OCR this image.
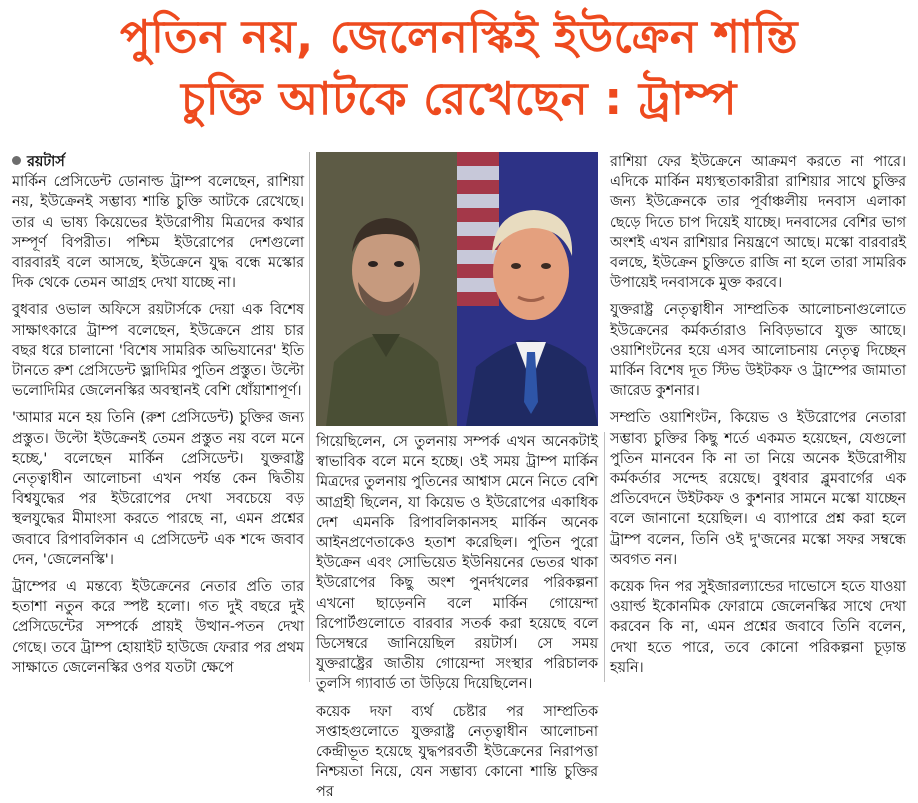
পুতিন নয়, জেলেনস্কিই ইউক্রেন শান্তি
চুক্তি আটকে রেখেছেন : ট্রাম্প
রয়টার্স

মার্কিন প্রেসিডেন্ট ডোনাল্ড ট্রাম্প বলেছেন, রাশিয়া নয়, ইউক্রেনই সম্ভাব্য শান্তি চুক্তি আটকে রেখেছে। তার এ ভাষ্য কিয়েভের ইউরোপীয় মিত্রদের কথার সম্পূর্ণ বিপরীত। পশ্চিম ইউরোপের দেশগুলো বারবারই বলে আসছে, ইউক্রেনে যুদ্ধ বন্ধে মস্কোর দিক থেকে তেমন আগ্রহ দেখা যাচ্ছে না।

বুধবার ওভাল অফিসে রয়টার্সকে দেয়া এক বিশেষ সাক্ষাৎকারে ট্রাম্প বলেছেন, ইউক্রেনে প্রায় চার বছর ধরে চালানো 'বিশেষ সামরিক অভিযানের' ইতি টানতে রুশ প্রেসিডেন্ট ভ্লাদিমির পুতিন প্রস্তুত। উল্টো ভলোদিমির জেলেনস্কির অবস্থানই বেশি ধোঁয়াশাপূর্ণ।

'আমার মনে হয় তিনি (রুশ প্রেসিডেন্ট) চুক্তির জন্য প্রস্তুত। উল্টো ইউক্রেনই তেমন প্রস্তুত নয় বলে মনে হচ্ছে,' বলেছেন মার্কিন প্রেসিডেন্ট। যুক্তরাষ্ট্র নেতৃত্বাধীন আলোচনা এখন পর্যন্ত কেন দ্বিতীয় বিশ্বযুদ্ধের পর ইউরোপের দেখা সবচেয়ে বড় স্থলযুদ্ধের মীমাংসা করতে পারছে না, এমন প্রশ্নের জবাবে রিপাবলিকান এ প্রেসিডেন্ট এক শব্দে জবাব দেন, 'জেলেনস্কি'।

ট্রাম্পের এ মন্তব্যে ইউক্রেনের নেতার প্রতি তার হতাশা নতুন করে স্পষ্ট হলো। গত দুই বছরে দুই প্রেসিডেন্টের সম্পর্কে প্রায়ই উত্থান-পতন দেখা গেছে। তবে ট্রাম্প হোয়াইট হাউজে ফেরার পর প্রথম সাক্ষাতে জেলেনস্কির ওপর যতটা ক্ষেপে

গিয়েছিলেন, সে তুলনায় সম্পর্ক এখন অনেকটাই স্বাভাবিক বলে মনে হচ্ছে। ওই সময় ট্রাম্প মার্কিন মিত্রদের তুলনায় পুতিনের আশ্বাস মেনে নিতে বেশি আগ্রহী ছিলেন, যা কিয়েভ ও ইউরোপের একাধিক দেশ এমনকি রিপাবলিকানসহ মার্কিন অনেক আইনপ্রণেতাকেও হতাশ করেছিল। পুতিন পুরো ইউক্রেন এবং সোভিয়েত ইউনিয়নের ভেতর থাকা ইউরোপের কিছু অংশ পুনর্দখলের পরিকল্পনা এখনো ছাড়েননি বলে মার্কিন গোয়েন্দা রিপোর্টগুলোতে বারবার সতর্ক করা হয়েছে বলে ডিসেম্বরে জানিয়েছিল রয়টার্স। সে সময় যুক্তরাষ্ট্রের জাতীয় গোয়েন্দা সংস্থার পরিচালক তুলসি গ্যাবার্ড তা উড়িয়ে দিয়েছিলেন।

কয়েক দফা ব্যর্থ চেষ্টার পর সাম্প্রতিক সপ্তাহগুলোতে যুক্তরাষ্ট্র নেতৃত্বাধীন আলোচনা কেন্দ্রীভূত হয়েছে যুদ্ধপরবর্তী ইউক্রেনের নিরাপত্তা নিশ্চয়তা নিয়ে, যেন সম্ভাব্য কোনো শান্তি চুক্তির পর

রাশিয়া ফের ইউক্রেনে আক্রমণ করতে না পারে। এদিকে মার্কিন মধ্যস্থতাকারীরা রাশিয়ার সাথে চুক্তির জন্য ইউক্রেনকে তার পূর্বাঞ্চলীয় দনবাস এলাকা ছেড়ে দিতে চাপ দিয়েই যাচ্ছে। দনবাসের বেশির ভাগ অংশই এখন রাশিয়ার নিয়ন্ত্রণে আছে। মস্কো বারবারই বলছে, ইউক্রেন চুক্তিতে রাজি না হলে তারা সামরিক উপায়েই দনবাসকে মুক্ত করবে।

যুক্তরাষ্ট্র নেতৃত্বাধীন সাম্প্রতিক আলোচনাগুলোতে ইউক্রেনের কর্মকর্তারাও নিবিড়ভাবে যুক্ত আছে। ওয়াশিংটনের হয়ে এসব আলোচনায় নেতৃত্ব দিচ্ছেন মার্কিন বিশেষ দূত স্টিভ উইটকফ ও ট্রাম্পের জামাতা জারেড কুশনার।

সম্প্রতি ওয়াশিংটন, কিয়েভ ও ইউরোপের নেতারা সম্ভাব্য চুক্তির কিছু শর্তে একমত হয়েছেন, যেগুলো পুতিন মানবেন কি না তা নিয়ে অনেক ইউরোপীয় কর্মকর্তার সন্দেহ রয়েছে। বুধবার ব্লুমবার্গের এক প্রতিবেদনে উইটকফ ও কুশনার সামনে মস্কো যাচ্ছেন বলে জানানো হয়েছিল। এ ব্যাপারে প্রশ্ন করা হলে ট্রাম্প বলেন, তিনি ওই দু'জনের মস্কো সফর সম্বন্ধে অবগত নন।

কয়েক দিন পর সুইজারল্যান্ডের দাভোসে হতে যাওয়া ওয়ার্ল্ড ইকোনমিক ফোরামে জেলেনস্কির সাথে দেখা করবেন কি না, এমন প্রশ্নের জবাবে তিনি বলেন, দেখা হতে পারে, তবে কোনো পরিকল্পনা চূড়ান্ত হয়নি।
